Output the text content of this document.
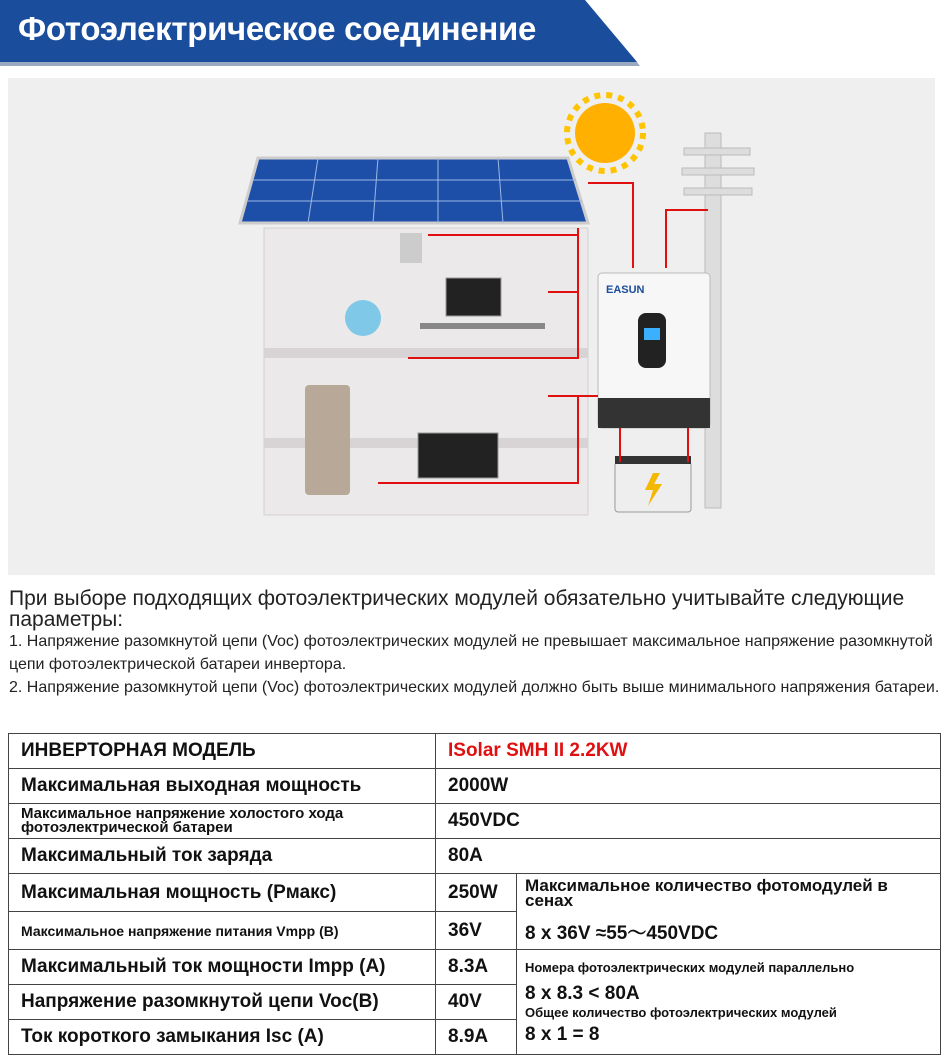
Фотоэлектрическое соединение
EASUN
При выборе подходящих фотоэлектрических модулей обязательно учитывайте следующие параметры:
1. Напряжение разомкнутой цепи (Voc) фотоэлектрических модулей не превышает максимальное напряжение разомкнутой цепи фотоэлектрической батареи инвертора.
2. Напряжение разомкнутой цепи (Voc) фотоэлектрических модулей должно быть выше минимального напряжения батареи.
ИНВЕРТОРНАЯ МОДЕЛЬ	ISolar SMH II 2.2KW	
Максимальная выходная мощность	2000W	
Максимальное напряжение холостого хода фотоэлектрической батареи	450VDC	
Максимальный ток заряда	80A	
Максимальная мощность (Рмакс)	250W	Максимальное количество фотомодулей в сенах
8 x 36V ≈55～450VDC

Максимальное напряжение питания Vmpp (В)	36V	
Максимальный ток мощности Impp (A)	8.3A	Номера фотоэлектрических модулей параллельно
8 x 8.3 < 80A
Общее количество фотоэлектрических модулей
8 x 1 = 8

Напряжение разомкнутой цепи Voc(В)	40V	
Ток короткого замыкания Isc (A)	8.9A	
